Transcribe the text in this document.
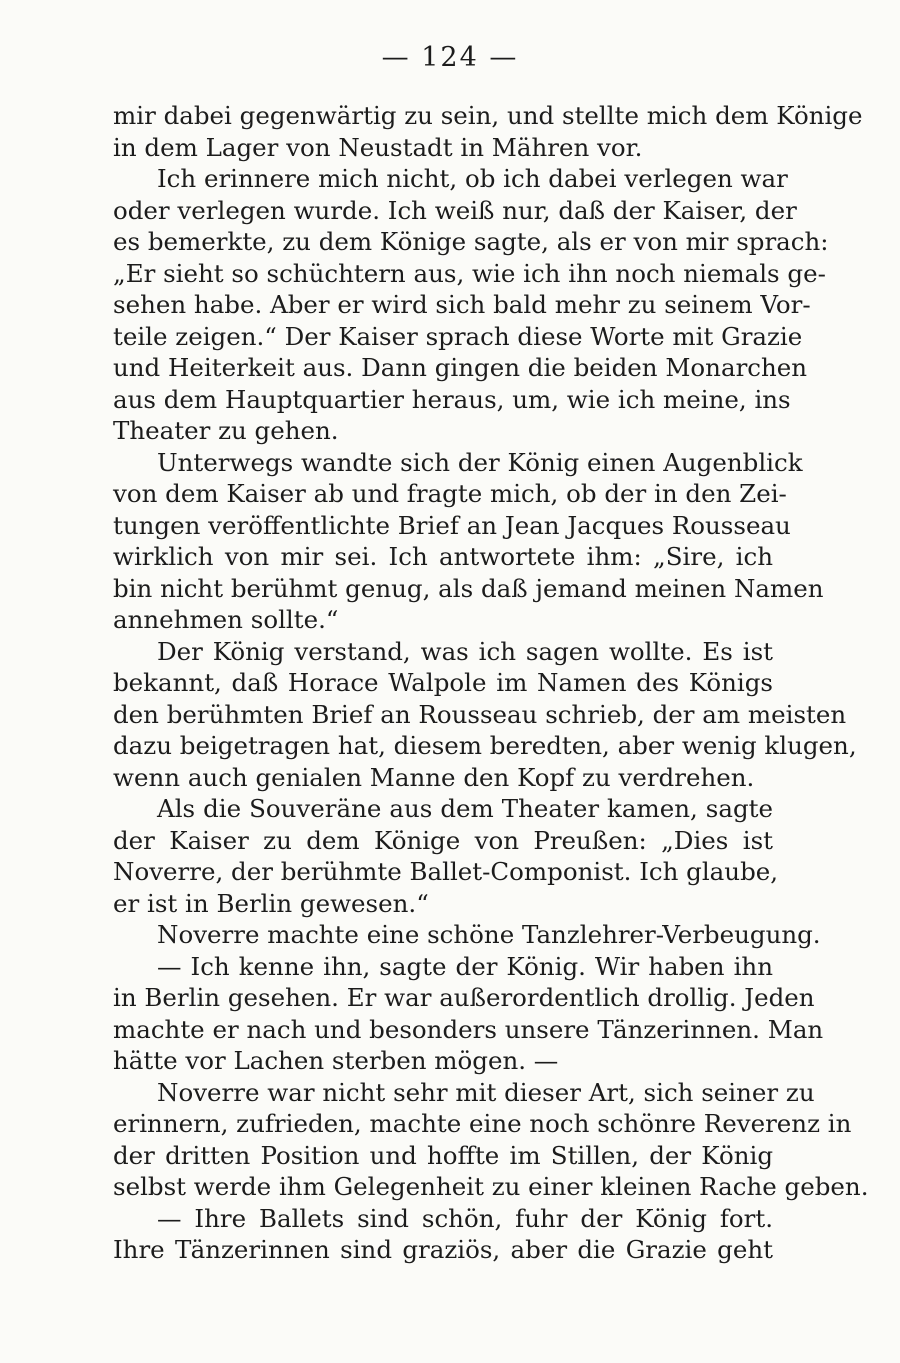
— 124 —
mir dabei gegenwärtig zu sein, und stellte mich dem Könige
in dem Lager von Neustadt in Mähren vor.
Ich erinnere mich nicht, ob ich dabei verlegen war
oder verlegen wurde. Ich weiß nur, daß der Kaiser, der
es bemerkte, zu dem Könige sagte, als er von mir sprach:
„Er sieht so schüchtern aus, wie ich ihn noch niemals ge-
sehen habe. Aber er wird sich bald mehr zu seinem Vor-
teile zeigen.“ Der Kaiser sprach diese Worte mit Grazie
und Heiterkeit aus. Dann gingen die beiden Monarchen
aus dem Hauptquartier heraus, um, wie ich meine, ins
Theater zu gehen.
Unterwegs wandte sich der König einen Augenblick
von dem Kaiser ab und fragte mich, ob der in den Zei-
tungen veröffentlichte Brief an Jean Jacques Rousseau
wirklich von mir sei. Ich antwortete ihm: „Sire, ich
bin nicht berühmt genug, als daß jemand meinen Namen
annehmen sollte.“
Der König verstand, was ich sagen wollte. Es ist
bekannt, daß Horace Walpole im Namen des Königs
den berühmten Brief an Rousseau schrieb, der am meisten
dazu beigetragen hat, diesem beredten, aber wenig klugen,
wenn auch genialen Manne den Kopf zu verdrehen.
Als die Souveräne aus dem Theater kamen, sagte
der Kaiser zu dem Könige von Preußen: „Dies ist
Noverre, der berühmte Ballet-Componist. Ich glaube,
er ist in Berlin gewesen.“
Noverre machte eine schöne Tanzlehrer-Verbeugung.
— Ich kenne ihn, sagte der König. Wir haben ihn
in Berlin gesehen. Er war außerordentlich drollig. Jeden
machte er nach und besonders unsere Tänzerinnen. Man
hätte vor Lachen sterben mögen. —
Noverre war nicht sehr mit dieser Art, sich seiner zu
erinnern, zufrieden, machte eine noch schönre Reverenz in
der dritten Position und hoffte im Stillen, der König
selbst werde ihm Gelegenheit zu einer kleinen Rache geben.
— Ihre Ballets sind schön, fuhr der König fort.
Ihre Tänzerinnen sind graziös, aber die Grazie geht
